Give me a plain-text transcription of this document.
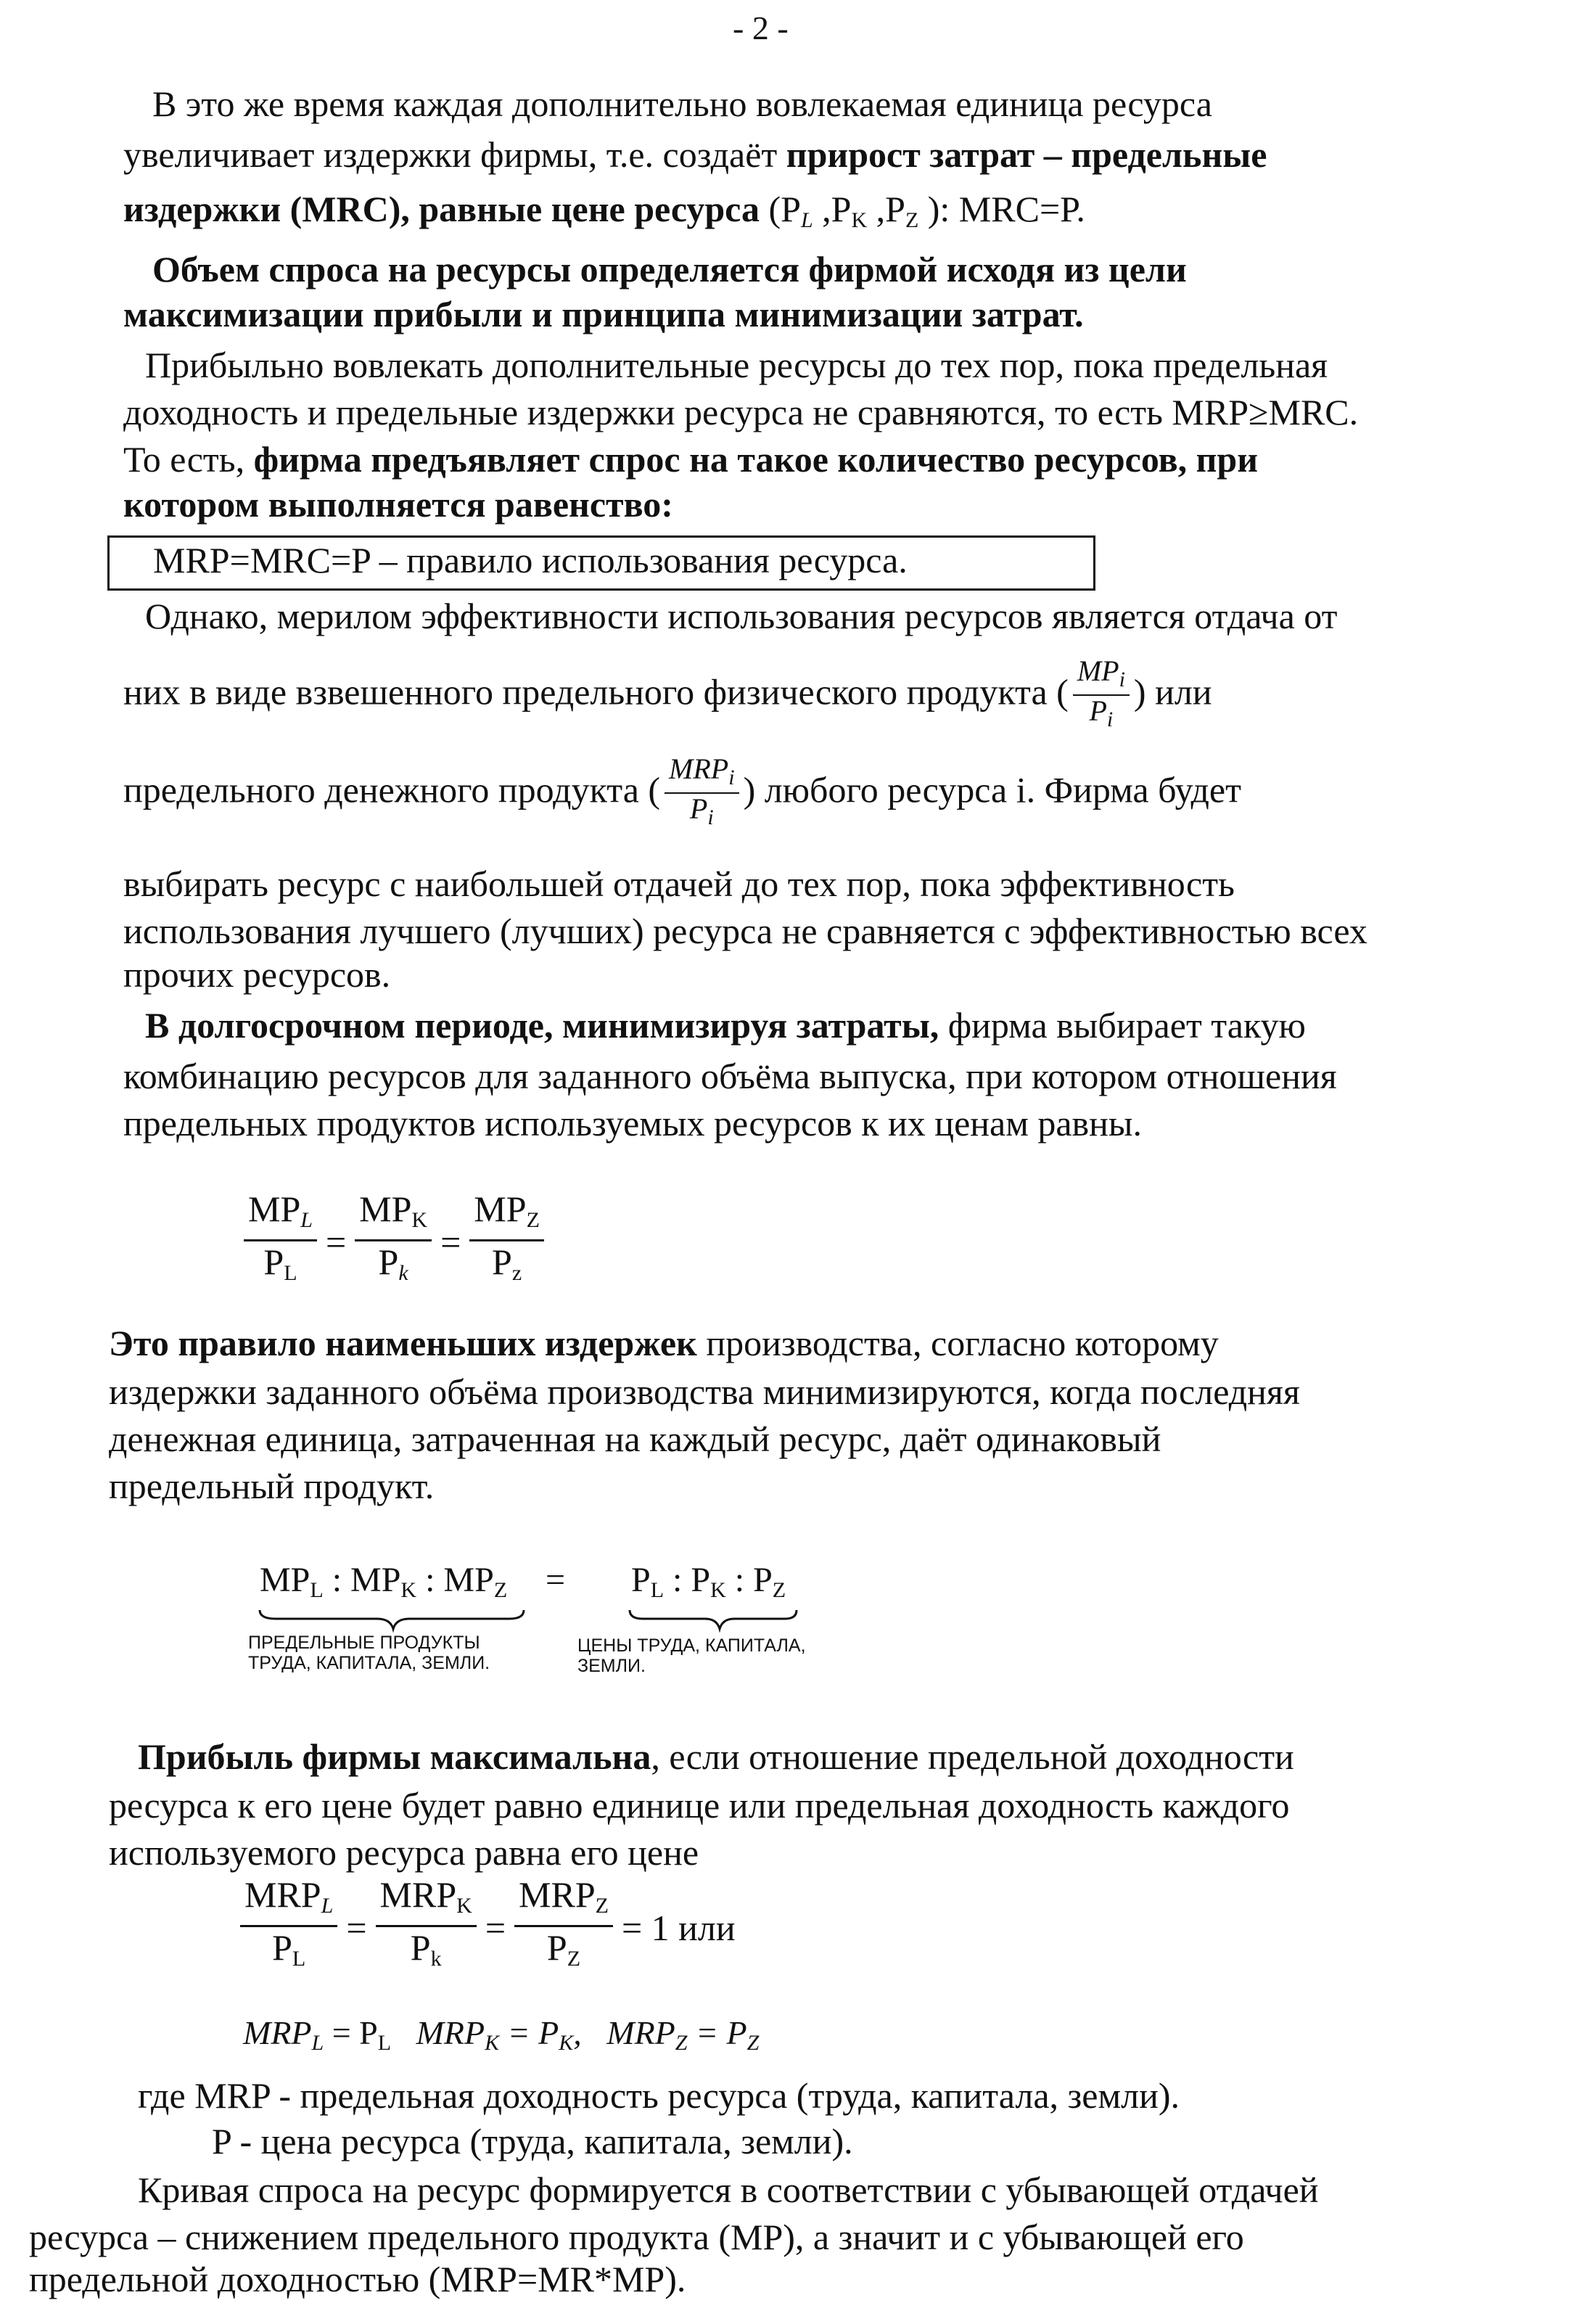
- 2 -
В это же время каждая дополнительно вовлекаемая единица ресурса
увеличивает издержки фирмы, т.е. создаёт прирост затрат – предельные
издержки (MRC), равные цене ресурса ($P_L$ $,P_K$ $,P_Z$ ): MRC=P.
Объем спроса на ресурсы определяется фирмой исходя из цели
максимизации прибыли и принципа минимизации затрат.
Прибыльно вовлекать дополнительные ресурсы до тех пор, пока предельная
доходность и предельные издержки ресурса не сравняются, то есть MRP≥MRC.
То есть, фирма предъявляет спрос на такое количество ресурсов, при
котором выполняется равенство:
MRP=MRC=P – правило использования ресурса.
Однако, мерилом эффективности использования ресурсов является отдача от
них в виде взвешенного предельного физического продукта ( $\frac{MP_i}{P_i}$ ) или
предельного денежного продукта ( $\frac{MRP_i}{P_i}$ ) любого ресурса i. Фирма будет
выбирать ресурс с наибольшей отдачей до тех пор, пока эффективность
использования лучшего (лучших) ресурса не сравняется с эффективностью всех
прочих ресурсов.
В долгосрочном периоде, минимизируя затраты, фирма выбирает такую
комбинацию ресурсов для заданного объёма выпуска, при котором отношения
предельных продуктов используемых ресурсов к их ценам равны.
$\frac{MP_L}{P_L} = \frac{MP_K}{P_k} = \frac{MP_Z}{P_z}$
Это правило наименьших издержек производства, согласно которому
издержки заданного объёма производства минимизируются, когда последняя
денежная единица, затраченная на каждый ресурс, даёт одинаковый
предельный продукт.
$MP_L$ : $MP_K$ : $MP_Z = P_L$ : $P_K$ : $P_Z$
ПРЕДЕЛЬНЫЕ ПРОДУКТЫ
ТРУДА, КАПИТАЛА, ЗЕМЛИ.
ЦЕНЫ ТРУДА, КАПИТАЛА,
ЗЕМЛИ.
Прибыль фирмы максимальна, если отношение предельной доходности
ресурса к его цене будет равно единице или предельная доходность каждого
используемого ресурса равна его цене
$\frac{MRP_L}{P_L} = \frac{MRP_K}{P_k} = \frac{MRP_Z}{P_Z} = 1$ или
$MRP_L = P_L$ $MRP_K = P_K$, $MRP_Z = P_Z$
где MRP - предельная доходность ресурса (труда, капитала, земли).
P - цена ресурса (труда, капитала, земли).
Кривая спроса на ресурс формируется в соответствии с убывающей отдачей
ресурса – снижением предельного продукта (MP), а значит и с убывающей его
предельной доходностью (MRP=MR*MP).
